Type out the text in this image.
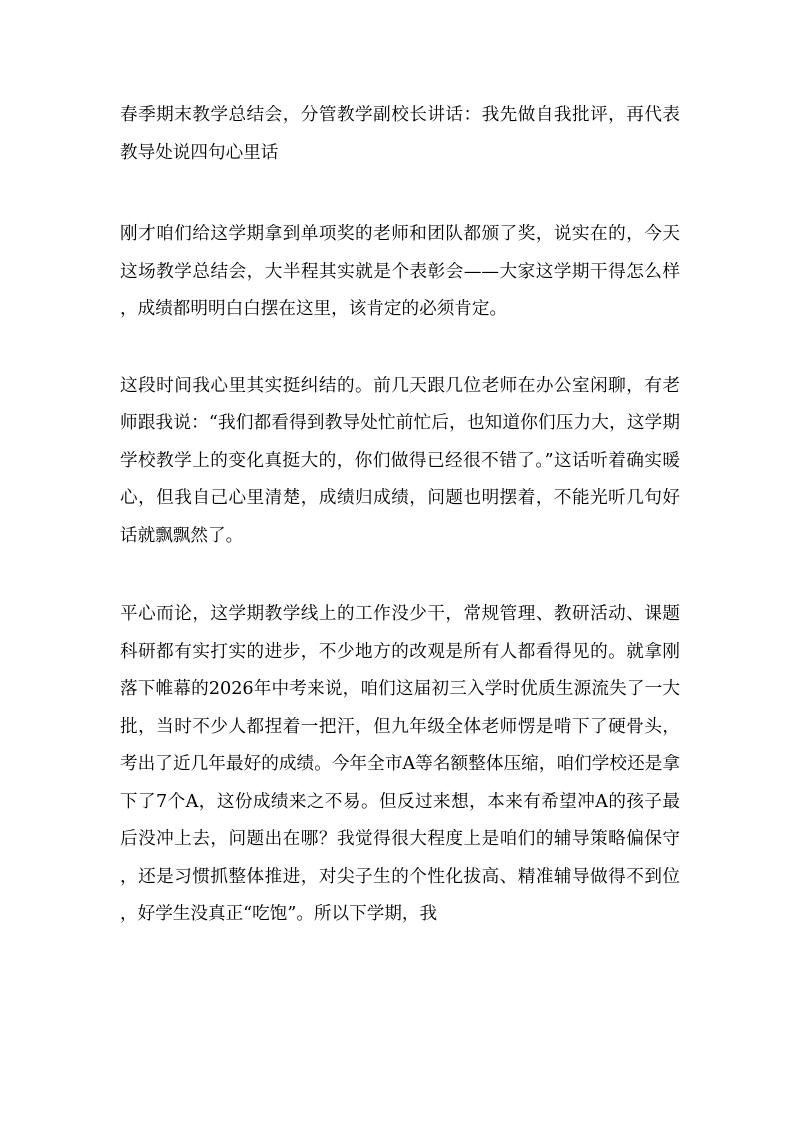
春季期末教学总结会，分管教学副校长讲话：我先做自我批评，再代表教导处说四句心里话

刚才咱们给这学期拿到单项奖的老师和团队都颁了奖，说实在的，今天这场教学总结会，大半程其实就是个表彰会——大家这学期干得怎么样，成绩都明明白白摆在这里，该肯定的必须肯定。

这段时间我心里其实挺纠结的。前几天跟几位老师在办公室闲聊，有老师跟我说：“我们都看得到教导处忙前忙后，也知道你们压力大，这学期学校教学上的变化真挺大的，你们做得已经很不错了。”这话听着确实暖心，但我自己心里清楚，成绩归成绩，问题也明摆着，不能光听几句好话就飘飘然了。

平心而论，这学期教学线上的工作没少干，常规管理、教研活动、课题科研都有实打实的进步，不少地方的改观是所有人都看得见的。就拿刚落下帷幕的2026年中考来说，咱们这届初三入学时优质生源流失了一大批，当时不少人都捏着一把汗，但九年级全体老师愣是啃下了硬骨头，考出了近几年最好的成绩。今年全市A等名额整体压缩，咱们学校还是拿下了7个A，这份成绩来之不易。但反过来想，本来有希望冲A的孩子最后没冲上去，问题出在哪？我觉得很大程度上是咱们的辅导策略偏保守，还是习惯抓整体推进，对尖子生的个性化拔高、精准辅导做得不到位，好学生没真正“吃饱”。所以下学期，我
